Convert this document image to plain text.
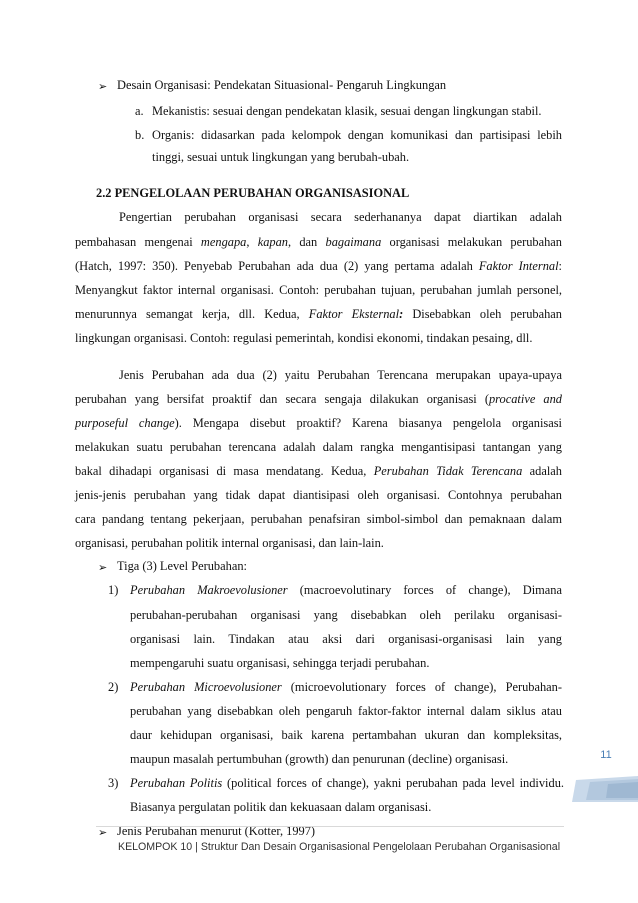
➢ Desain Organisasi: Pendekatan Situasional- Pengaruh Lingkungan
a. Mekanistis: sesuai dengan pendekatan klasik, sesuai dengan lingkungan stabil.
b. Organis: didasarkan pada kelompok dengan komunikasi dan partisipasi lebih
tinggi, sesuai untuk lingkungan yang berubah-ubah.
2.2 PENGELOLAAN PERUBAHAN ORGANISASIONAL
Pengertian perubahan organisasi secara sederhananya dapat diartikan adalah
pembahasan mengenai mengapa, kapan, dan bagaimana organisasi melakukan perubahan
(Hatch, 1997: 350). Penyebab Perubahan ada dua (2) yang pertama adalah Faktor Internal:
Menyangkut faktor internal organisasi. Contoh: perubahan tujuan, perubahan jumlah personel,
menurunnya semangat kerja, dll. Kedua, Faktor Eksternal: Disebabkan oleh perubahan
lingkungan organisasi. Contoh: regulasi pemerintah, kondisi ekonomi, tindakan pesaing, dll.
Jenis Perubahan ada dua (2) yaitu Perubahan Terencana merupakan upaya-upaya
perubahan yang bersifat proaktif dan secara sengaja dilakukan organisasi (procative and
purposeful change). Mengapa disebut proaktif? Karena biasanya pengelola organisasi
melakukan suatu perubahan terencana adalah dalam rangka mengantisipasi tantangan yang
bakal dihadapi organisasi di masa mendatang. Kedua, Perubahan Tidak Terencana adalah
jenis-jenis perubahan yang tidak dapat diantisipasi oleh organisasi. Contohnya perubahan
cara pandang tentang pekerjaan, perubahan penafsiran simbol-simbol dan pemaknaan dalam
organisasi, perubahan politik internal organisasi, dan lain-lain.
➢ Tiga (3) Level Perubahan:
1) Perubahan Makroevolusioner (macroevolutinary forces of change), Dimana
perubahan-perubahan organisasi yang disebabkan oleh perilaku organisasi-
organisasi lain. Tindakan atau aksi dari organisasi-organisasi lain yang
mempengaruhi suatu organisasi, sehingga terjadi perubahan.
2) Perubahan Microevolusioner (microevolutionary forces of change), Perubahan-
perubahan yang disebabkan oleh pengaruh faktor-faktor internal dalam siklus atau
daur kehidupan organisasi, baik karena pertambahan ukuran dan kompleksitas,
maupun masalah pertumbuhan (growth) dan penurunan (decline) organisasi.
3) Perubahan Politis (political forces of change), yakni perubahan pada level individu.
Biasanya pergulatan politik dan kekuasaan dalam organisasi.
➢ Jenis Perubahan menurut (Kotter, 1997)
11
KELOMPOK 10 | Struktur Dan Desain Organisasional Pengelolaan Perubahan Organisasional
